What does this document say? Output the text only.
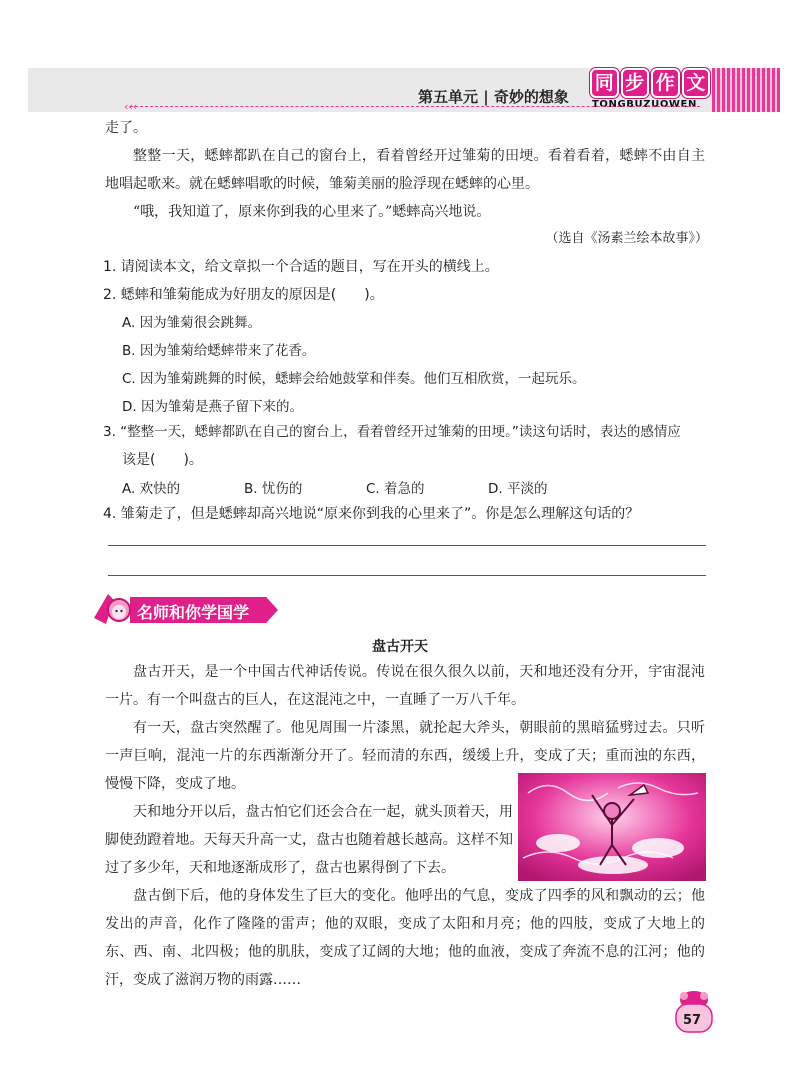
第五单元 | 奇妙的想象
同 步 作 文
TONGBUZUOWEN
‹‹‹
走了。
整整一天，蟋蟀都趴在自己的窗台上，看着曾经开过雏菊的田埂。看着看着，蟋蟀不由自主地唱起歌来。就在蟋蟀唱歌的时候，雏菊美丽的脸浮现在蟋蟀的心里。
“哦，我知道了，原来你到我的心里来了。”蟋蟀高兴地说。
（选自《汤素兰绘本故事》）
1. 请阅读本文，给文章拟一个合适的题目，写在开头的横线上。
2. 蟋蟀和雏菊能成为好朋友的原因是(　　)。
A. 因为雏菊很会跳舞。
B. 因为雏菊给蟋蟀带来了花香。
C. 因为雏菊跳舞的时候，蟋蟀会给她鼓掌和伴奏。他们互相欣赏，一起玩乐。
D. 因为雏菊是燕子留下来的。
3. “整整一天，蟋蟀都趴在自己的窗台上，看着曾经开过雏菊的田埂。”读这句话时，表达的感情应
该是(　　)。
A. 欢快的	B. 忧伤的	C. 着急的	D. 平淡的
4. 雏菊走了，但是蟋蟀却高兴地说“原来你到我的心里来了”。你是怎么理解这句话的？
名师和你学国学
盘古开天
盘古开天，是一个中国古代神话传说。传说在很久很久以前，天和地还没有分开，宇宙混沌一片。有一个叫盘古的巨人，在这混沌之中，一直睡了一万八千年。
有一天，盘古突然醒了。他见周围一片漆黑，就抡起大斧头，朝眼前的黑暗猛劈过去。只听一声巨响，混沌一片的东西渐渐分开了。轻而清的东西，缓缓上升，变成了天；重而浊的东西，慢慢下降，变成了地。
天和地分开以后，盘古怕它们还会合在一起，就头顶着天，用脚使劲蹬着地。天每天升高一丈，盘古也随着越长越高。这样不知过了多少年，天和地逐渐成形了，盘古也累得倒了下去。
盘古倒下后，他的身体发生了巨大的变化。他呼出的气息，变成了四季的风和飘动的云；他发出的声音，化作了隆隆的雷声；他的双眼，变成了太阳和月亮；他的四肢，变成了大地上的东、西、南、北四极；他的肌肤，变成了辽阔的大地；他的血液，变成了奔流不息的江河；他的汗，变成了滋润万物的雨露……
57
